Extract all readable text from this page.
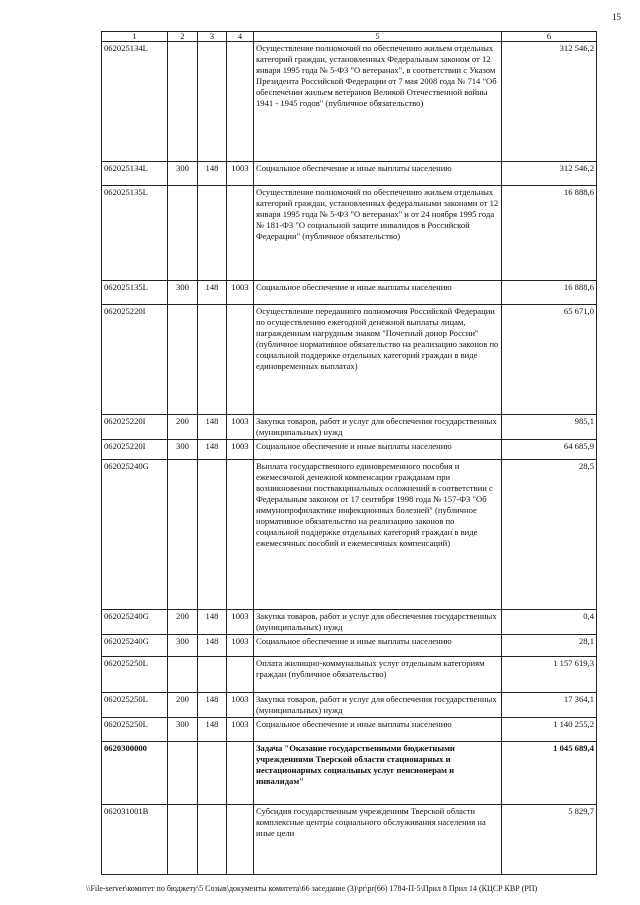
15
1	2	3	4	5	6
062025134L				Осуществление полномочий по обеспечению жильем отдельных категорий граждан, установленных Федеральным законом от 12 января 1995 года № 5-ФЗ "О ветеранах", в соответствии с Указом Президента Российской Федерации от 7 мая 2008 года № 714 "Об обеспечении жильем ветеранов Великой Отечественной войны 1941 - 1945 годов" (публичное обязательство)	312 546,2
062025134L	300	148	1003	Социальное обеспечение и иные выплаты населению	312 546,2
062025135L				Осуществление полномочий по обеспечению жильем отдельных категорий граждан, установленных федеральными законами от 12 января 1995 года № 5-ФЗ "О ветеранах" и от 24 ноября 1995 года № 181-ФЗ "О социальной защите инвалидов в Российской Федерации" (публичное обязательство)	16 888,6
062025135L	300	148	1003	Социальное обеспечение и иные выплаты населению	16 888,6
062025220I				Осуществление переданного полномочия Российской Федерации по осуществлению ежегодной денежной выплаты лицам, награжденным нагрудным знаком "Почетный донор России" (публичное нормативное обязательство на реализацию законов по социальной поддержке отдельных категорий граждан в виде единовременных выплатах)	65 671,0
062025220I	200	148	1003	Закупка товаров, работ и услуг для обеспечения государственных (муниципальных) нужд	985,1
062025220I	300	148	1003	Социальное обеспечение и иные выплаты населению	64 685,9
062025240G				Выплата государственного единовременного пособия и ежемесячной денежной компенсации гражданам при возникновении поствакцинальных осложнений в соответствии с Федеральным законом от 17 сентября 1998 года № 157-ФЗ "Об иммунопрофилактике инфекционных болезней" (публичное нормативное обязательство на реализацию законов по социальной поддержке отдельных категорий граждан в виде ежемесячных пособий и ежемесячных компенсаций)	28,5
062025240G	200	148	1003	Закупка товаров, работ и услуг для обеспечения государственных (муниципальных) нужд	0,4
062025240G	300	148	1003	Социальное обеспечение и иные выплаты населению	28,1
062025250L				Оплата жилищно-коммунальных услуг отдельным категориям граждан (публичное обязательство)	1 157 619,3
062025250L	200	148	1003	Закупка товаров, работ и услуг для обеспечения государственных (муниципальных) нужд	17 364,1
062025250L	300	148	1003	Социальное обеспечение и иные выплаты населению	1 140 255,2
0620300000				Задача "Оказание государственными бюджетными учреждениями Тверской области стационарных и нестационарных социальных услуг пенсионерам и инвалидам"	1 045 689,4
062031001B				Субсидия государственным учреждениям Тверской области комплексные центры социального обслуживания населения на иные цели	5 829,7
\\File-server\комитет по бюджету\5 Созыв\документы комитета\66 заседание (3)\pr\pr(66) 1784-П-5\Прил 8 Прил 14 (КЦСР КВР (РП)
